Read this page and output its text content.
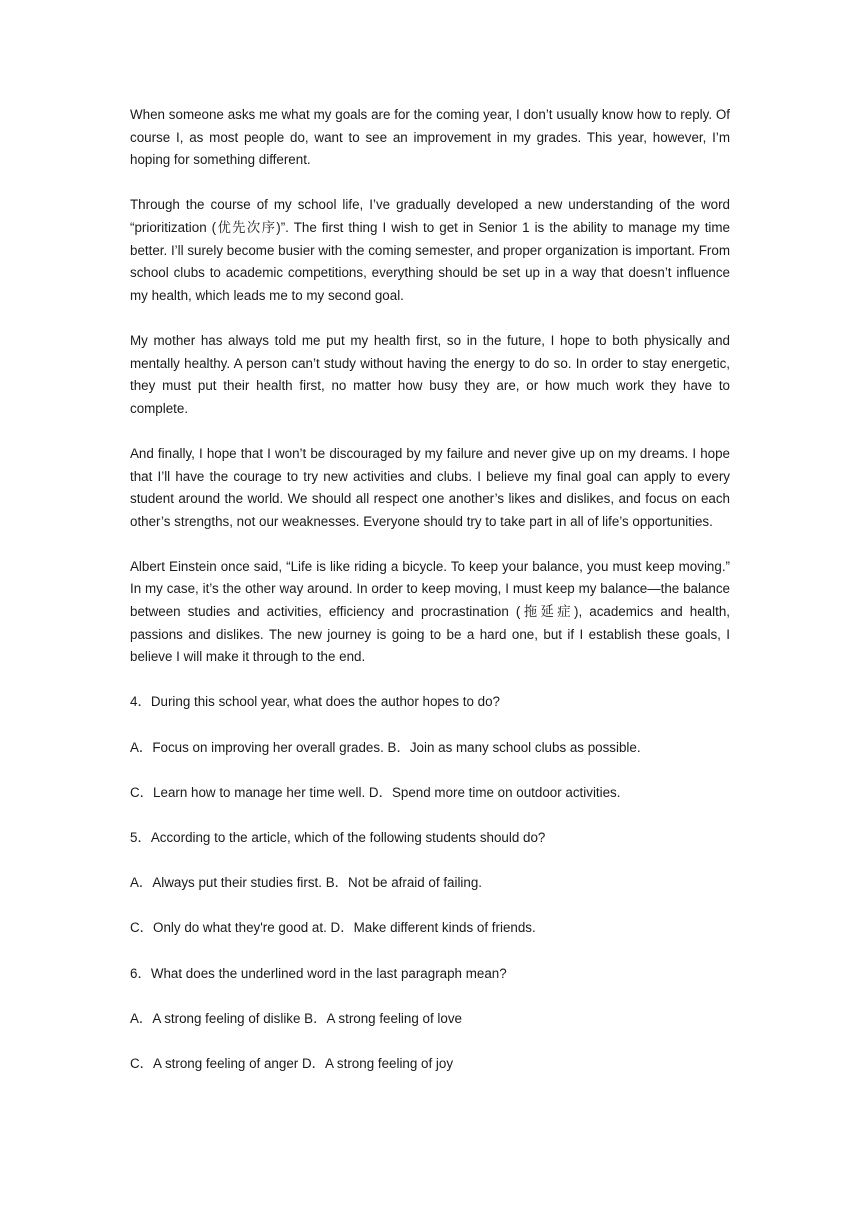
When someone asks me what my goals are for the coming year, I don’t usually know how to reply. Of course I, as most people do, want to see an improvement in my grades. This year, however, I’m hoping for something different.

Through the course of my school life, I’ve gradually developed a new understanding of the word “prioritization (优先次序)”. The first thing I wish to get in Senior 1 is the ability to manage my time better. I’ll surely become busier with the coming semester, and proper organization is important. From school clubs to academic competitions, everything should be set up in a way that doesn’t influence my health, which leads me to my second goal.

My mother has always told me put my health first, so in the future, I hope to both physically and mentally healthy. A person can’t study without having the energy to do so. In order to stay energetic, they must put their health first, no matter how busy they are, or how much work they have to complete.

And finally, I hope that I won’t be discouraged by my failure and never give up on my dreams. I hope that I’ll have the courage to try new activities and clubs. I believe my final goal can apply to every student around the world. We should all respect one another’s likes and dislikes, and focus on each other’s strengths, not our weaknesses. Everyone should try to take part in all of life’s opportunities.

Albert Einstein once said, “Life is like riding a bicycle. To keep your balance, you must keep moving.” In my case, it’s the other way around. In order to keep moving, I must keep my balance—the balance between studies and activities, efficiency and procrastination (拖延症), academics and health, passions and dislikes. The new journey is going to be a hard one, but if I establish these goals, I believe I will make it through to the end.

4．During this school year, what does the author hopes to do?

A．Focus on improving her overall grades. B．Join as many school clubs as possible.

C．Learn how to manage her time well. D．Spend more time on outdoor activities.

5．According to the article, which of the following students should do?

A．Always put their studies first. B．Not be afraid of failing.

C．Only do what they're good at. D．Make different kinds of friends.

6．What does the underlined word in the last paragraph mean?

A．A strong feeling of dislike B．A strong feeling of love

C．A strong feeling of anger D．A strong feeling of joy
